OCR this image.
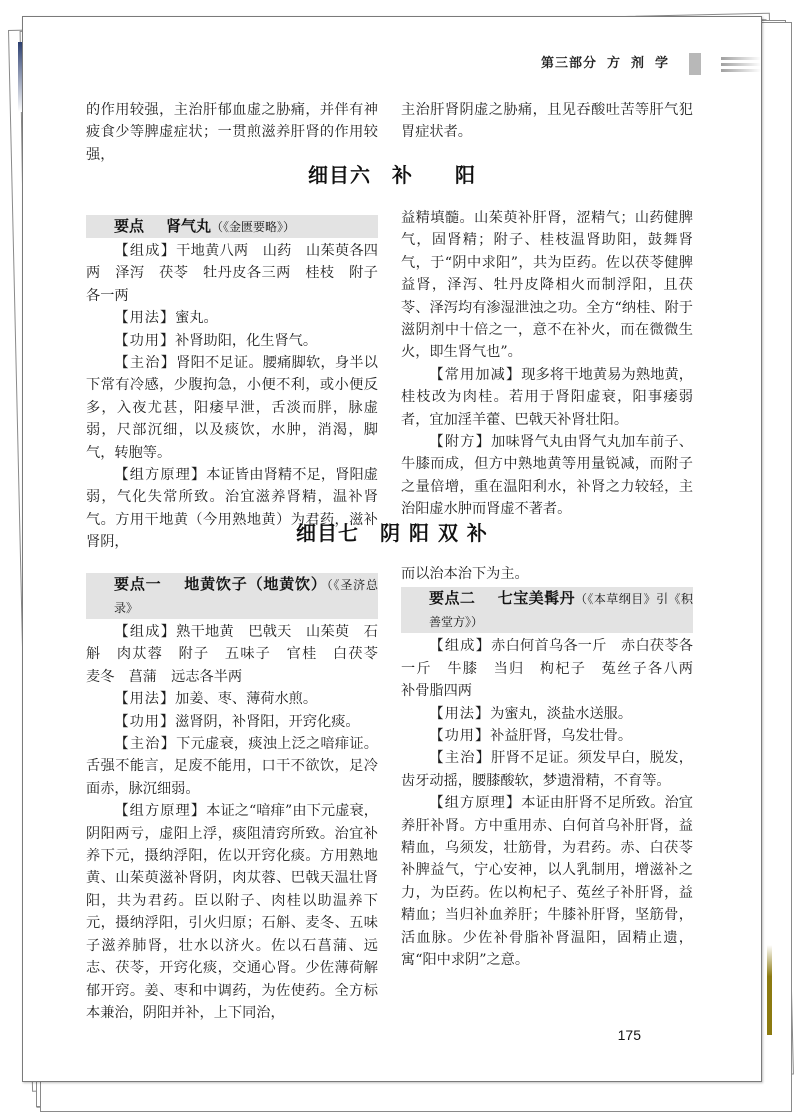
第三部分 方 剂 学

的作用较强，主治肝郁血虚之胁痛，并伴有神疲食少等脾虚症状；一贯煎滋养肝肾的作用较强，

主治肝肾阴虚之胁痛，且见吞酸吐苦等肝气犯胃症状者。

细目六　补　　阳
要点 肾气丸（《金匮要略》）

【组成】干地黄八两　山药　山茱萸各四两　泽泻　茯苓　牡丹皮各三两　桂枝　附子各一两

【用法】蜜丸。

【功用】补肾助阳，化生肾气。

【主治】肾阳不足证。腰痛脚软，身半以下常有冷感，少腹拘急，小便不利，或小便反多，入夜尤甚，阳痿早泄，舌淡而胖，脉虚弱，尺部沉细，以及痰饮，水肿，消渴，脚气，转胞等。

【组方原理】本证皆由肾精不足，肾阳虚弱，气化失常所致。治宜滋养肾精，温补肾气。方用干地黄（今用熟地黄）为君药，滋补肾阴，

益精填髓。山茱萸补肝肾，涩精气；山药健脾气，固肾精；附子、桂枝温肾助阳，鼓舞肾气，于“阴中求阳”，共为臣药。佐以茯苓健脾益肾，泽泻、牡丹皮降相火而制浮阳，且茯苓、泽泻均有渗湿泄浊之功。全方“纳桂、附于滋阴剂中十倍之一，意不在补火，而在微微生火，即生肾气也”。

【常用加减】现多将干地黄易为熟地黄，桂枝改为肉桂。若用于肾阳虚衰，阳事痿弱者，宜加淫羊藿、巴戟天补肾壮阳。

【附方】加味肾气丸由肾气丸加车前子、牛膝而成，但方中熟地黄等用量锐减，而附子之量倍增，重在温阳利水，补肾之力较轻，主治阳虚水肿而肾虚不著者。

细目七　阴 阳 双 补
要点一 地黄饮子（地黄饮）（《圣济总录》

【组成】熟干地黄　巴戟天　山茱萸　石斛　肉苁蓉　附子　五味子　官桂　白茯苓　麦冬　菖蒲　远志各半两

【用法】加姜、枣、薄荷水煎。

【功用】滋肾阴，补肾阳，开窍化痰。

【主治】下元虚衰，痰浊上泛之喑痱证。舌强不能言，足废不能用，口干不欲饮，足冷面赤，脉沉细弱。

【组方原理】本证之“喑痱”由下元虚衰，阴阳两亏，虚阳上浮，痰阻清窍所致。治宜补养下元，摄纳浮阳，佐以开窍化痰。方用熟地黄、山茱萸滋补肾阴，肉苁蓉、巴戟天温壮肾阳，共为君药。臣以附子、肉桂以助温养下元，摄纳浮阳，引火归原；石斛、麦冬、五味子滋养肺肾，壮水以济火。佐以石菖蒲、远志、茯苓，开窍化痰，交通心肾。少佐薄荷解郁开窍。姜、枣和中调药，为佐使药。全方标本兼治，阴阳并补，上下同治，

而以治本治下为主。

要点二 七宝美髯丹（《本草纲目》引《积善堂方》）

【组成】赤白何首乌各一斤　赤白茯苓各一斤　牛膝　当归　枸杞子　菟丝子各八两　补骨脂四两

【用法】为蜜丸，淡盐水送服。

【功用】补益肝肾，乌发壮骨。

【主治】肝肾不足证。须发早白，脱发，齿牙动摇，腰膝酸软，梦遗滑精，不育等。

【组方原理】本证由肝肾不足所致。治宜养肝补肾。方中重用赤、白何首乌补肝肾，益精血，乌须发，壮筋骨，为君药。赤、白茯苓补脾益气，宁心安神，以人乳制用，增滋补之力，为臣药。佐以枸杞子、菟丝子补肝肾，益精血；当归补血养肝；牛膝补肝肾，坚筋骨，活血脉。少佐补骨脂补肾温阳，固精止遗，寓“阳中求阴”之意。

175
